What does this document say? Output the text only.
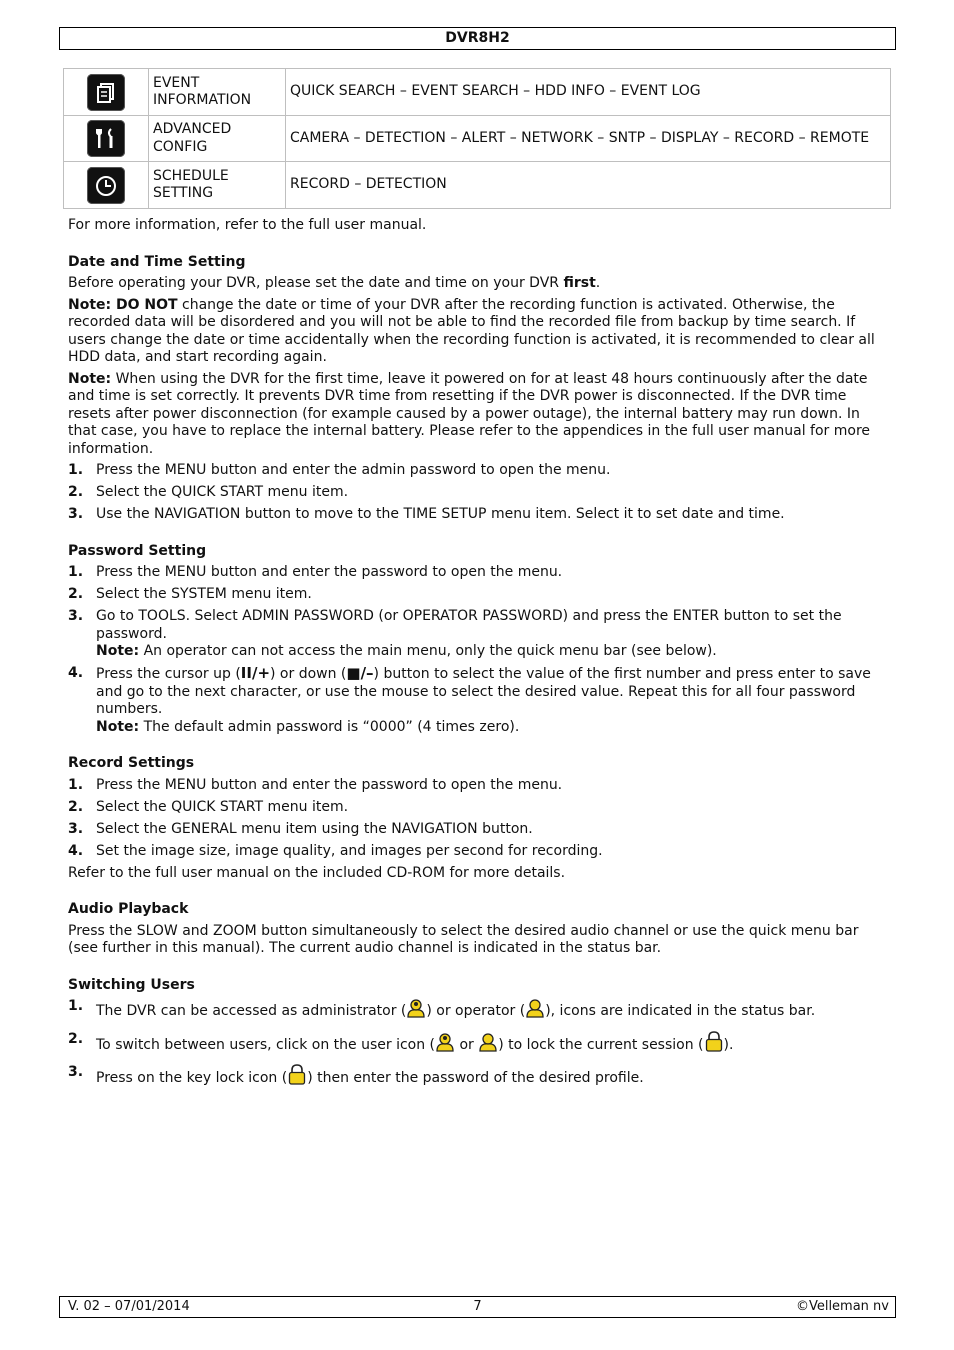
DVR8H2
	EVENT INFORMATION	QUICK SEARCH – EVENT SEARCH – HDD INFO – EVENT LOG

	ADVANCED CONFIG	CAMERA – DETECTION – ALERT – NETWORK – SNTP – DISPLAY – RECORD – REMOTE

	SCHEDULE SETTING	RECORD – DETECTION

For more information, refer to the full user manual.

Date and Time Setting

Before operating your DVR, please set the date and time on your DVR first.

Note: DO NOT change the date or time of your DVR after the recording function is activated. Otherwise, the recorded data will be disordered and you will not be able to find the recorded file from backup by time search. If users change the date or time accidentally when the recording function is activated, it is recommended to clear all HDD data, and start recording again.

Note: When using the DVR for the first time, leave it powered on for at least 48 hours continuously after the date and time is set correctly. It prevents DVR time from resetting if the DVR power is disconnected. If the DVR time resets after power disconnection (for example caused by a power outage), the internal battery may run down. In that case, you have to replace the internal battery. Please refer to the appendices in the full user manual for more information.

1. Press the MENU button and enter the admin password to open the menu.
2. Select the QUICK START menu item.
3. Use the NAVIGATION button to move to the TIME SETUP menu item. Select it to set date and time.
Password Setting
1. Press the MENU button and enter the password to open the menu.
2. Select the SYSTEM menu item.
3. Go to TOOLS. Select ADMIN PASSWORD (or OPERATOR PASSWORD) and press the ENTER button to set the password.
Note: An operator can not access the main menu, only the quick menu bar (see below).
4. Press the cursor up (II/+) or down (■/–) button to select the value of the first number and press enter to save and go to the next character, or use the mouse to select the desired value. Repeat this for all four password numbers.
Note: The default admin password is “0000” (4 times zero).
Record Settings
1. Press the MENU button and enter the password to open the menu.
2. Select the QUICK START menu item.
3. Select the GENERAL menu item using the NAVIGATION button.
4. Set the image size, image quality, and images per second for recording.

Refer to the full user manual on the included CD-ROM for more details.

Audio Playback

Press the SLOW and ZOOM button simultaneously to select the desired audio channel or use the quick menu bar (see further in this manual). The current audio channel is indicated in the status bar.

Switching Users
1. The DVR can be accessed as administrator ( ) or operator ( ), icons are indicated in the status bar.
2. To switch between users, click on the user icon ( or ) to lock the current session ( ).
3. Press on the key lock icon ( ) then enter the password of the desired profile.
V. 02 – 07/01/2014	7	©Velleman nv
